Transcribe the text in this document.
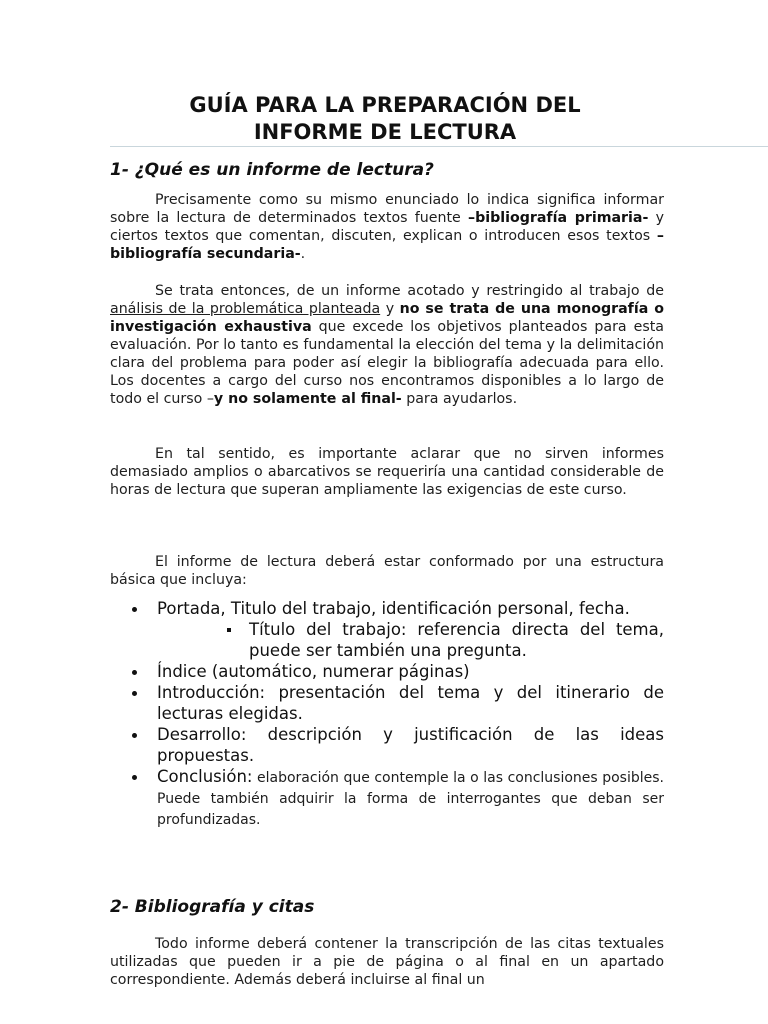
GUÍA PARA LA PREPARACIÓN DEL
INFORME DE LECTURA
1- ¿Qué es un informe de lectura?

Precisamente como su mismo enunciado lo indica significa informar sobre la lectura de determinados textos fuente –bibliografía primaria- y ciertos textos que comentan, discuten, explican o introducen esos textos –bibliografía secundaria-.

Se trata entonces, de un informe acotado y restringido al trabajo de análisis de la problemática planteada y no se trata de una monografía o investigación exhaustiva que excede los objetivos planteados para esta evaluación. Por lo tanto es fundamental la elección del tema y la delimitación clara del problema para poder así elegir la bibliografía adecuada para ello. Los docentes a cargo del curso nos encontramos disponibles a lo largo de todo el curso –y no solamente al final- para ayudarlos.

En tal sentido, es importante aclarar que no sirven informes demasiado amplios o abarcativos se requeriría una cantidad considerable de horas de lectura que superan ampliamente las exigencias de este curso.

El informe de lectura deberá estar conformado por una estructura básica que incluya:

Portada, Titulo del trabajo, identificación personal, fecha.
Título del trabajo: referencia directa del tema, puede ser también una pregunta.
Índice (automático, numerar páginas)
Introducción: presentación del tema y del itinerario de lecturas elegidas.
Desarrollo: descripción y justificación de las ideas propuestas.
Conclusión: elaboración que contemple la o las conclusiones posibles. Puede también adquirir la forma de interrogantes que deban ser profundizadas.
2- Bibliografía y citas

Todo informe deberá contener la transcripción de las citas textuales utilizadas que pueden ir a pie de página o al final en un apartado correspondiente. Además deberá incluirse al final un
